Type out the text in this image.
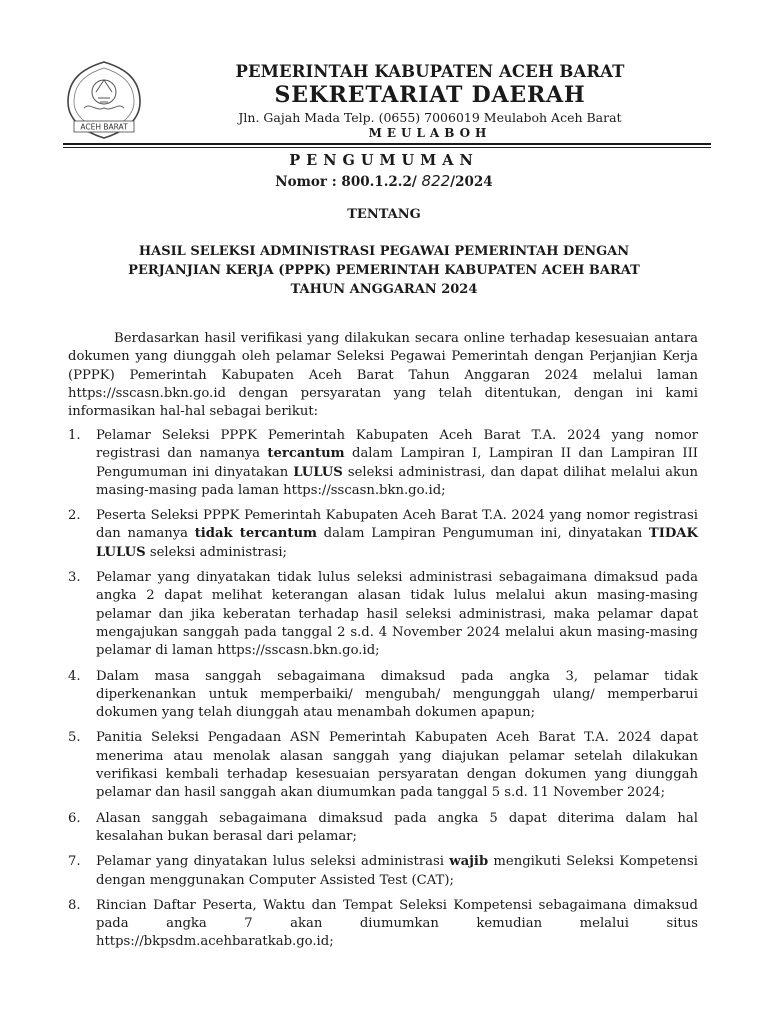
ACEH BARAT
PEMERINTAH KABUPATEN ACEH BARAT
SEKRETARIAT DAERAH
Jln. Gajah Mada Telp. (0655) 7006019 Meulaboh Aceh Barat
MEULABOH
PENGUMUMAN
Nomor : 800.1.2.2/ 822/2024
TENTANG
HASIL SELEKSI ADMINISTRASI PEGAWAI PEMERINTAH DENGAN
PERJANJIAN KERJA (PPPK) PEMERINTAH KABUPATEN ACEH BARAT
TAHUN ANGGARAN 2024
Berdasarkan hasil verifikasi yang dilakukan secara online terhadap kesesuaian antara dokumen yang diunggah oleh pelamar Seleksi Pegawai Pemerintah dengan Perjanjian Kerja (PPPK) Pemerintah Kabupaten Aceh Barat Tahun Anggaran 2024 melalui laman https://sscasn.bkn.go.id dengan persyaratan yang telah ditentukan, dengan ini kami informasikan hal-hal sebagai berikut:
1. Pelamar Seleksi PPPK Pemerintah Kabupaten Aceh Barat T.A. 2024 yang nomor registrasi dan namanya tercantum dalam Lampiran I, Lampiran II dan Lampiran III Pengumuman ini dinyatakan LULUS seleksi administrasi, dan dapat dilihat melalui akun masing-masing pada laman https://sscasn.bkn.go.id;
2. Peserta Seleksi PPPK Pemerintah Kabupaten Aceh Barat T.A. 2024 yang nomor registrasi dan namanya tidak tercantum dalam Lampiran Pengumuman ini, dinyatakan TIDAK LULUS seleksi administrasi;
3. Pelamar yang dinyatakan tidak lulus seleksi administrasi sebagaimana dimaksud pada angka 2 dapat melihat keterangan alasan tidak lulus melalui akun masing-masing pelamar dan jika keberatan terhadap hasil seleksi administrasi, maka pelamar dapat mengajukan sanggah pada tanggal 2 s.d. 4 November 2024 melalui akun masing-masing pelamar di laman https://sscasn.bkn.go.id;
4. Dalam masa sanggah sebagaimana dimaksud pada angka 3, pelamar tidak diperkenankan untuk memperbaiki/ mengubah/ mengunggah ulang/ memperbarui dokumen yang telah diunggah atau menambah dokumen apapun;
5. Panitia Seleksi Pengadaan ASN Pemerintah Kabupaten Aceh Barat T.A. 2024 dapat menerima atau menolak alasan sanggah yang diajukan pelamar setelah dilakukan verifikasi kembali terhadap kesesuaian persyaratan dengan dokumen yang diunggah pelamar dan hasil sanggah akan diumumkan pada tanggal 5 s.d. 11 November 2024;
6. Alasan sanggah sebagaimana dimaksud pada angka 5 dapat diterima dalam hal kesalahan bukan berasal dari pelamar;
7. Pelamar yang dinyatakan lulus seleksi administrasi wajib mengikuti Seleksi Kompetensi dengan menggunakan Computer Assisted Test (CAT);
8. Rincian Daftar Peserta, Waktu dan Tempat Seleksi Kompetensi sebagaimana dimaksud pada angka 7 akan diumumkan kemudian melalui situs https://bkpsdm.acehbaratkab.go.id;
